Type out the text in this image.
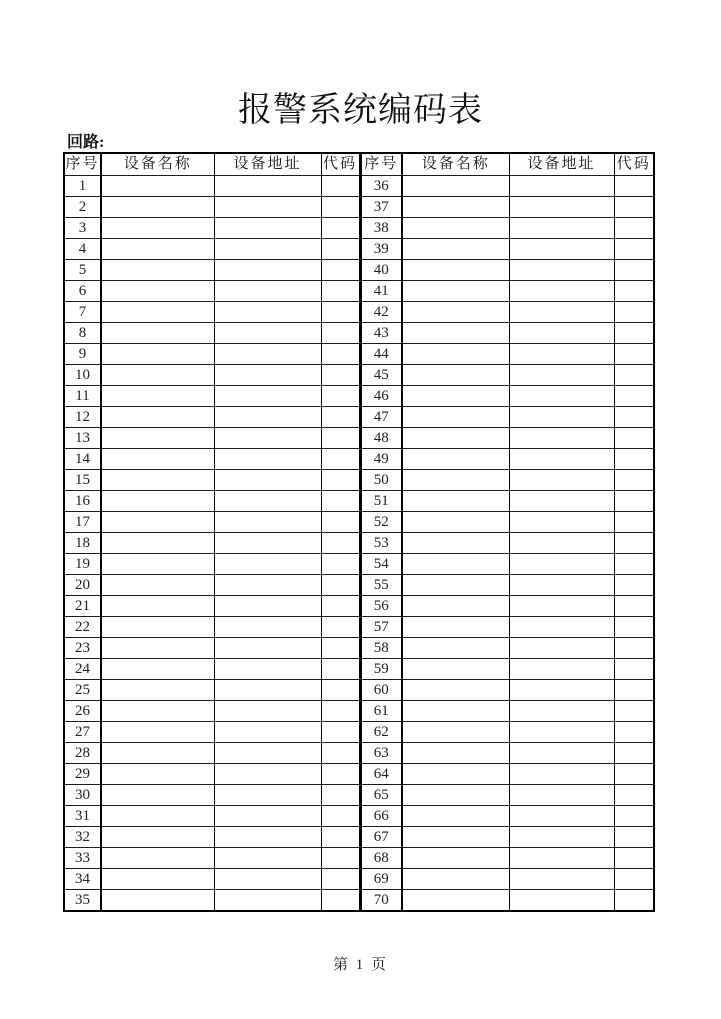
报警系统编码表
回路:
序号	设备名称	设备地址	代码	序号	设备名称	设备地址	代码
1				36			
2				37			
3				38			
4				39			
5				40			
6				41			
7				42			
8				43			
9				44			
10				45			
11				46			
12				47			
13				48			
14				49			
15				50			
16				51			
17				52			
18				53			
19				54			
20				55			
21				56			
22				57			
23				58			
24				59			
25				60			
26				61			
27				62			
28				63			
29				64			
30				65			
31				66			
32				67			
33				68			
34				69			
35				70			
第 1 页
